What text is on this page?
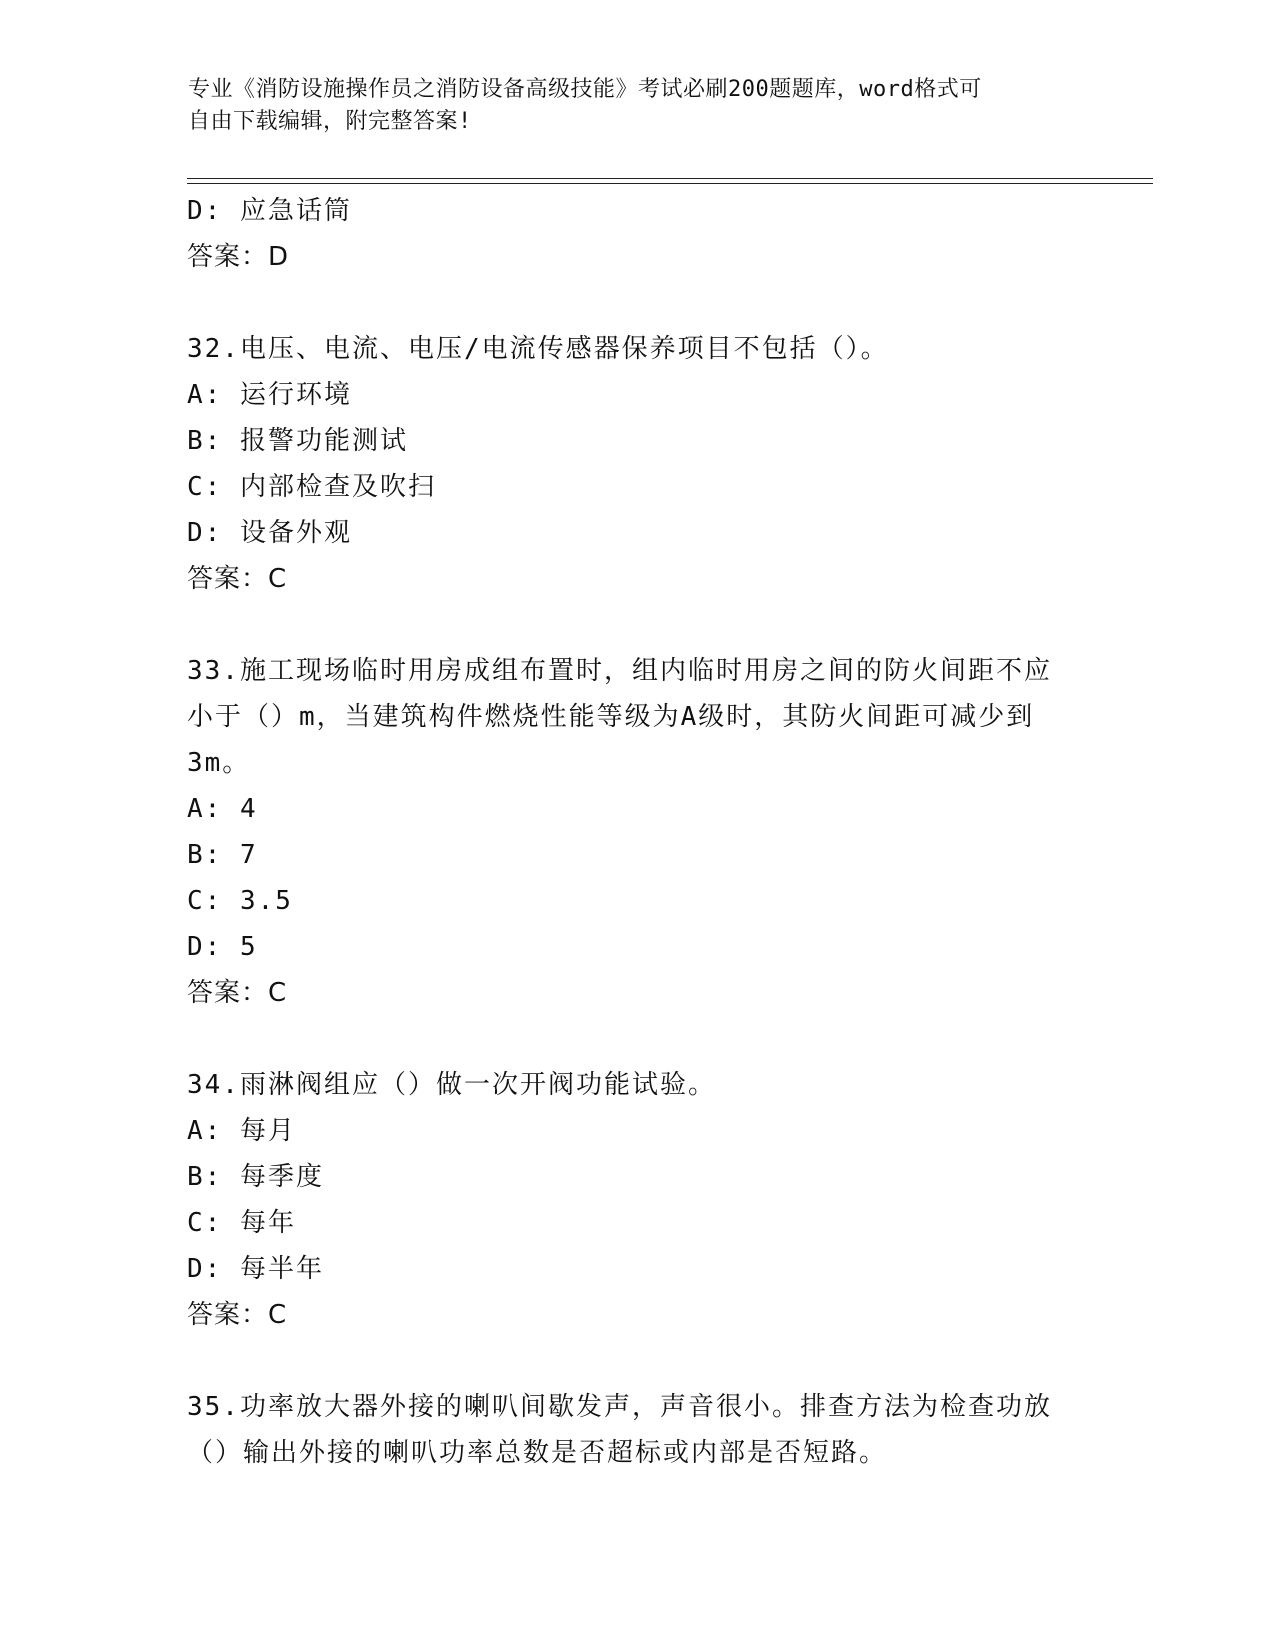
专业《消防设施操作员之消防设备高级技能》考试必刷200题题库，word格式可
自由下载编辑，附完整答案!
D: 应急话筒
答案：D
32.电压、电流、电压/电流传感器保养项目不包括（）。
A: 运行环境
B: 报警功能测试
C: 内部检查及吹扫
D: 设备外观
答案：C
33.施工现场临时用房成组布置时，组内临时用房之间的防火间距不应
小于（）m，当建筑构件燃烧性能等级为A级时，其防火间距可减少到
3m。
A: 4
B: 7
C: 3.5
D: 5
答案：C
34.雨淋阀组应（）做一次开阀功能试验。
A: 每月
B: 每季度
C: 每年
D: 每半年
答案：C
35.功率放大器外接的喇叭间歇发声，声音很小。排查方法为检查功放
（）输出外接的喇叭功率总数是否超标或内部是否短路。
